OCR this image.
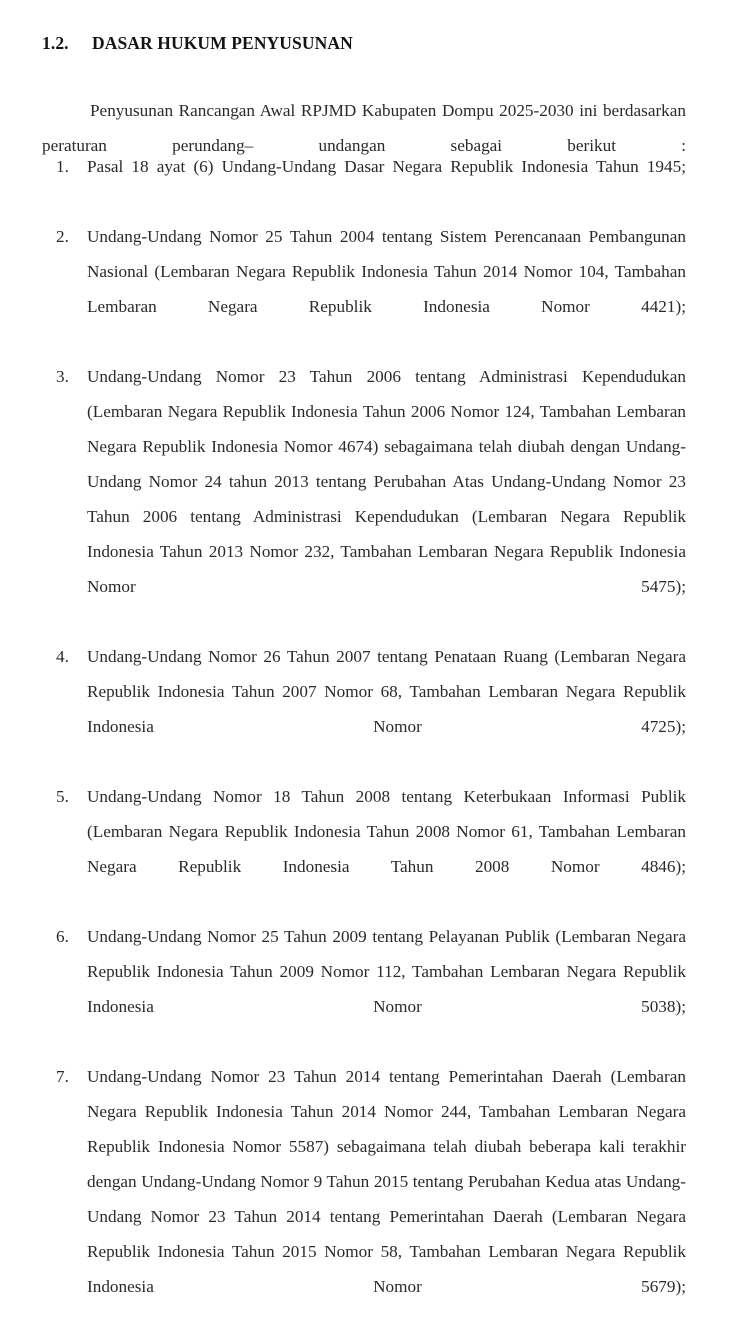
1.2.	DASAR HUKUM PENYUSUNAN

Penyusunan Rancangan Awal RPJMD Kabupaten Dompu 2025-2030 ini berdasarkan peraturan perundang– undangan sebagai berikut :

1.	Pasal 18 ayat (6) Undang-Undang Dasar Negara Republik Indonesia Tahun 1945;
2.	Undang-Undang Nomor 25 Tahun 2004 tentang Sistem Perencanaan Pembangunan Nasional (Lembaran Negara Republik Indonesia Tahun 2014 Nomor 104, Tambahan Lembaran Negara Republik Indonesia Nomor 4421);
3.	Undang-Undang Nomor 23 Tahun 2006 tentang Administrasi Kependudukan (Lembaran Negara Republik Indonesia Tahun 2006 Nomor 124, Tambahan Lembaran Negara Republik Indonesia Nomor 4674) sebagaimana telah diubah dengan Undang-Undang Nomor 24 tahun 2013 tentang Perubahan Atas Undang-Undang Nomor 23 Tahun 2006 tentang Administrasi Kependudukan (Lembaran Negara Republik Indonesia Tahun 2013 Nomor 232, Tambahan Lembaran Negara Republik Indonesia Nomor 5475);
4.	Undang-Undang Nomor 26 Tahun 2007 tentang Penataan Ruang (Lembaran Negara Republik Indonesia Tahun 2007 Nomor 68, Tambahan Lembaran Negara Republik Indonesia Nomor 4725);
5.	Undang-Undang Nomor 18 Tahun 2008 tentang Keterbukaan Informasi Publik (Lembaran Negara Republik Indonesia Tahun 2008 Nomor 61, Tambahan Lembaran Negara Republik Indonesia Tahun 2008 Nomor 4846);
6.	Undang-Undang Nomor 25 Tahun 2009 tentang Pelayanan Publik (Lembaran Negara Republik Indonesia Tahun 2009 Nomor 112, Tambahan Lembaran Negara Republik Indonesia Nomor 5038);
7.	Undang-Undang Nomor 23 Tahun 2014 tentang Pemerintahan Daerah (Lembaran Negara Republik Indonesia Tahun 2014 Nomor 244, Tambahan Lembaran Negara Republik Indonesia Nomor 5587) sebagaimana telah diubah beberapa kali terakhir dengan Undang-Undang Nomor 9 Tahun 2015 tentang Perubahan Kedua atas Undang-Undang Nomor 23 Tahun 2014 tentang Pemerintahan Daerah (Lembaran Negara Republik Indonesia Tahun 2015 Nomor 58, Tambahan Lembaran Negara Republik Indonesia Nomor 5679);
